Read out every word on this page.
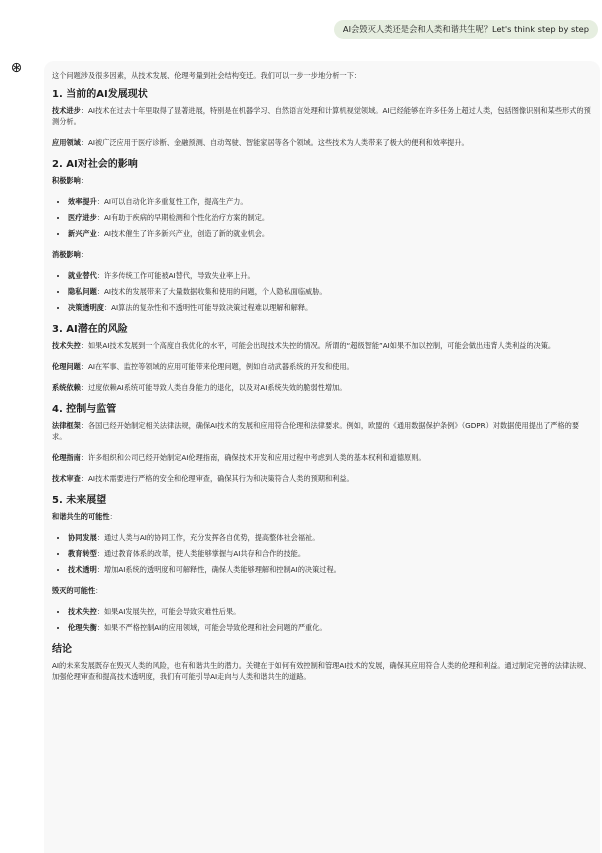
AI会毁灭人类还是会和人类和谐共生呢？Let's think step by step

这个问题涉及很多因素，从技术发展、伦理考量到社会结构变迁。我们可以一步一步地分析一下：

1. 当前的AI发展现状

技术进步：AI技术在过去十年里取得了显著进展，特别是在机器学习、自然语言处理和计算机视觉领域。AI已经能够在许多任务上超过人类，包括图像识别和某些形式的预测分析。

应用领域：AI被广泛应用于医疗诊断、金融预测、自动驾驶、智能家居等各个领域。这些技术为人类带来了极大的便利和效率提升。

2. AI对社会的影响

积极影响：

• 效率提升：AI可以自动化许多重复性工作，提高生产力。
• 医疗进步：AI有助于疾病的早期检测和个性化治疗方案的制定。
• 新兴产业：AI技术催生了许多新兴产业，创造了新的就业机会。

消极影响：

• 就业替代：许多传统工作可能被AI替代，导致失业率上升。
• 隐私问题：AI技术的发展带来了大量数据收集和使用的问题，个人隐私面临威胁。
• 决策透明度：AI算法的复杂性和不透明性可能导致决策过程难以理解和解释。
3. AI潜在的风险

技术失控：如果AI技术发展到一个高度自我优化的水平，可能会出现技术失控的情况。所谓的“超级智能”AI如果不加以控制，可能会做出违背人类利益的决策。

伦理问题：AI在军事、监控等领域的应用可能带来伦理问题，例如自动武器系统的开发和使用。

系统依赖：过度依赖AI系统可能导致人类自身能力的退化，以及对AI系统失效的脆弱性增加。

4. 控制与监管

法律框架：各国已经开始制定相关法律法规，确保AI技术的发展和应用符合伦理和法律要求。例如，欧盟的《通用数据保护条例》（GDPR）对数据使用提出了严格的要求。

伦理指南：许多组织和公司已经开始制定AI伦理指南，确保技术开发和应用过程中考虑到人类的基本权利和道德原则。

技术审查：AI技术需要进行严格的安全和伦理审查，确保其行为和决策符合人类的预期和利益。

5. 未来展望

和谐共生的可能性：

• 协同发展：通过人类与AI的协同工作，充分发挥各自优势，提高整体社会福祉。
• 教育转型：通过教育体系的改革，使人类能够掌握与AI共存和合作的技能。
• 技术透明：增加AI系统的透明度和可解释性，确保人类能够理解和控制AI的决策过程。

毁灭的可能性：

• 技术失控：如果AI发展失控，可能会导致灾难性后果。
• 伦理失衡：如果不严格控制AI的应用领域，可能会导致伦理和社会问题的严重化。
结论

AI的未来发展既存在毁灭人类的风险，也有和谐共生的潜力。关键在于如何有效控制和管理AI技术的发展，确保其应用符合人类的伦理和利益。通过制定完善的法律法规、加强伦理审查和提高技术透明度，我们有可能引导AI走向与人类和谐共生的道路。
